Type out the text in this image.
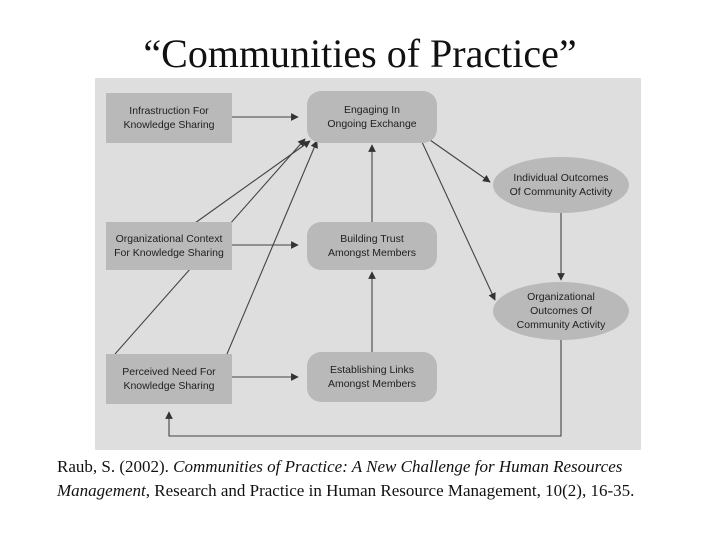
“Communities of Practice”
Infrastruction For
Knowledge Sharing
Organizational Context
For Knowledge Sharing
Perceived Need For
Knowledge Sharing
Engaging In
Ongoing Exchange
Building Trust
Amongst Members
Establishing Links
Amongst Members
Individual Outcomes
Of Community Activity
Organizational
Outcomes Of
Community Activity
Raub, S. (2002). Communities of Practice: A New Challenge for Human Resources Management, Research and Practice in Human Resource Management, 10(2), 16-35.
